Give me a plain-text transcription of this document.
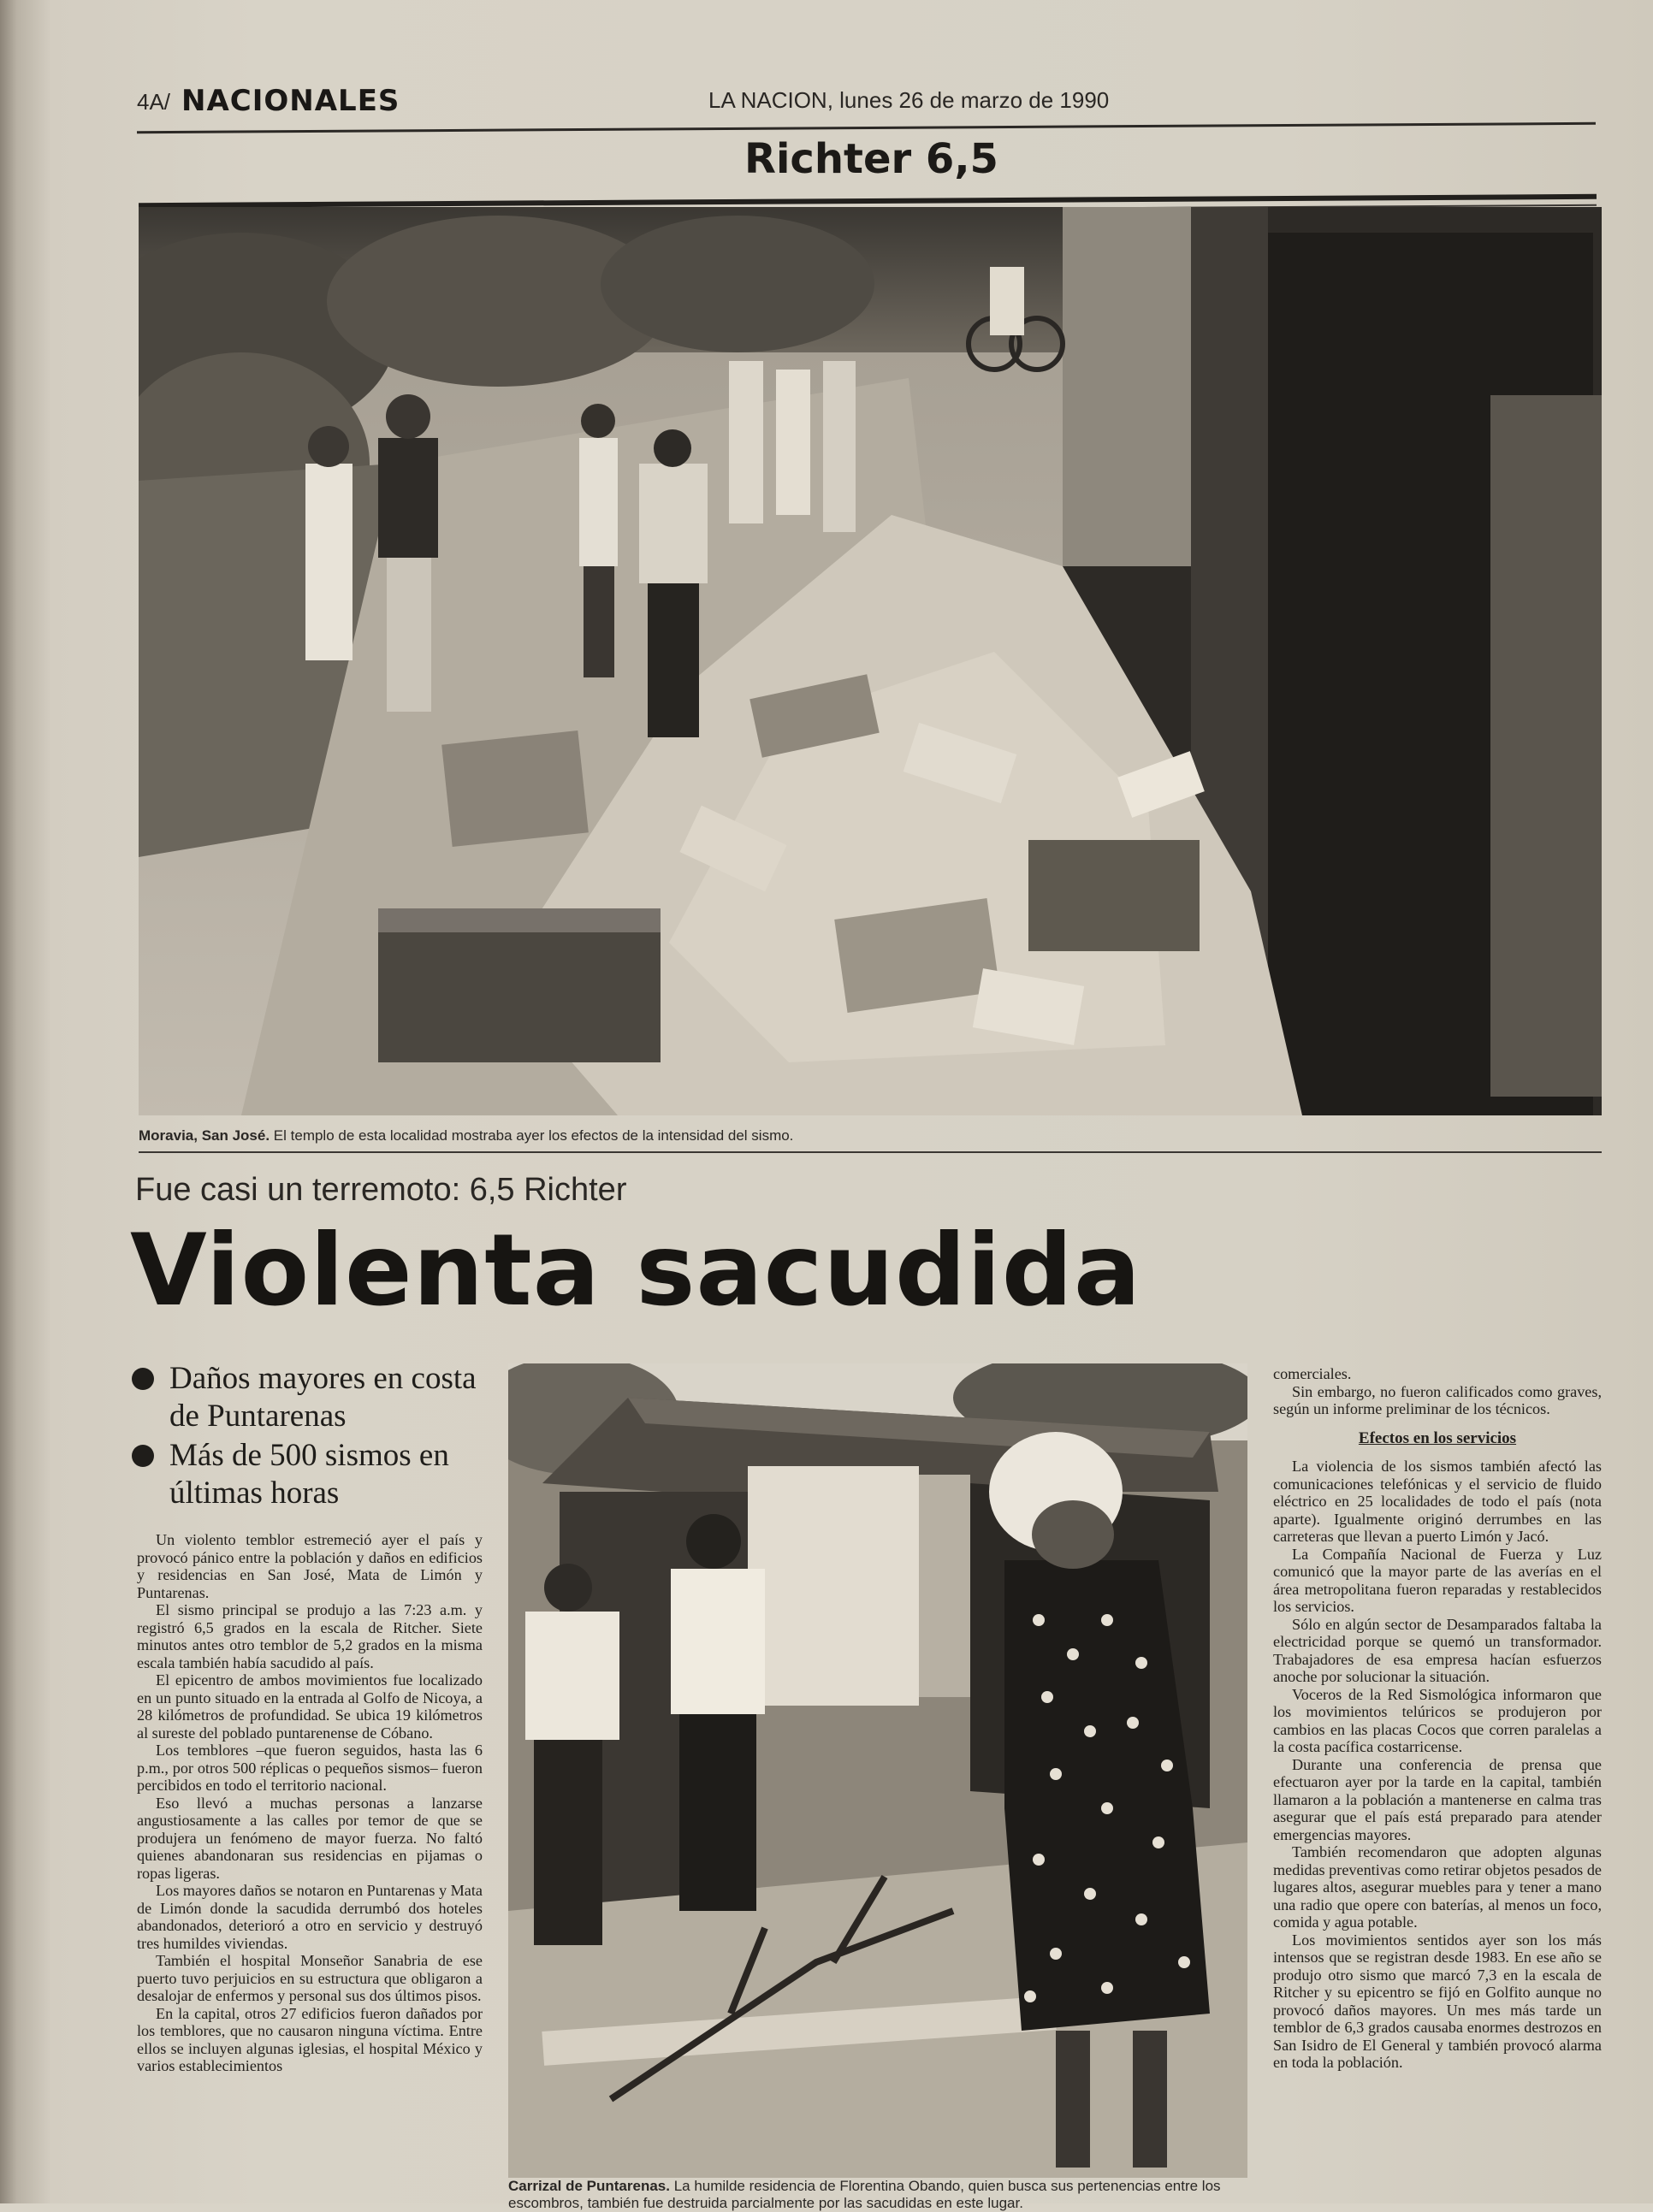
4A/ NACIONALES	LA NACION, lunes 26 de marzo de 1990
Richter 6,5
Moravia, San José. El templo de esta localidad mostraba ayer los efectos de la intensidad del sismo.
Fue casi un terremoto: 6,5 Richter
Violenta sacudida
Daños mayores en costa de Puntarenas
Más de 500 sismos en últimas horas

Un violento temblor estremeció ayer el país y provocó pánico entre la población y daños en edificios y residencias en San José, Mata de Limón y Puntarenas.

El sismo principal se produjo a las 7:23 a.m. y registró 6,5 grados en la escala de Ritcher. Siete minutos antes otro temblor de 5,2 grados en la misma escala también había sacudido al país.

El epicentro de ambos movimientos fue localizado en un punto situado en la entrada al Golfo de Nicoya, a 28 kilómetros de profundidad. Se ubica 19 kilómetros al sureste del poblado puntarenense de Cóbano.

Los temblores –que fueron seguidos, hasta las 6 p.m., por otros 500 réplicas o pequeños sismos– fueron percibidos en todo el territorio nacional.

Eso llevó a muchas personas a lanzarse angustiosamente a las calles por temor de que se produjera un fenómeno de mayor fuerza. No faltó quienes abandonaran sus residencias en pijamas o ropas ligeras.

Los mayores daños se notaron en Puntarenas y Mata de Limón donde la sacudida derrumbó dos hoteles abandonados, deterioró a otro en servicio y destruyó tres humildes viviendas.

También el hospital Monseñor Sanabria de ese puerto tuvo perjuicios en su estructura que obligaron a desalojar de enfermos y personal sus dos últimos pisos.

En la capital, otros 27 edificios fueron dañados por los temblores, que no causaron ninguna víctima. Entre ellos se incluyen algunas iglesias, el hospital México y varios establecimientos

Carrizal de Puntarenas. La humilde residencia de Florentina Obando, quien busca sus pertenencias entre los escombros, también fue destruida parcialmente por las sacudidas en este lugar.

comerciales.

Sin embargo, no fueron calificados como graves, según un informe preliminar de los técnicos.

Efectos en los servicios

La violencia de los sismos también afectó las comunicaciones telefónicas y el servicio de fluido eléctrico en 25 localidades de todo el país (nota aparte). Igualmente originó derrumbes en las carreteras que llevan a puerto Limón y Jacó.

La Compañía Nacional de Fuerza y Luz comunicó que la mayor parte de las averías en el área metropolitana fueron reparadas y restablecidos los servicios.

Sólo en algún sector de Desamparados faltaba la electricidad porque se quemó un transformador. Trabajadores de esa empresa hacían esfuerzos anoche por solucionar la situación.

Voceros de la Red Sismológica informaron que los movimientos telúricos se produjeron por cambios en las placas Cocos que corren paralelas a la costa pacífica costarricense.

Durante una conferencia de prensa que efectuaron ayer por la tarde en la capital, también llamaron a la población a mantenerse en calma tras asegurar que el país está preparado para atender emergencias mayores.

También recomendaron que adopten algunas medidas preventivas como retirar objetos pesados de lugares altos, asegurar muebles para y tener a mano una radio que opere con baterías, al menos un foco, comida y agua potable.

Los movimientos sentidos ayer son los más intensos que se registran desde 1983. En ese año se produjo otro sismo que marcó 7,3 en la escala de Ritcher y su epicentro se fijó en Golfito aunque no provocó daños mayores. Un mes más tarde un temblor de 6,3 grados causaba enormes destrozos en San Isidro de El General y también provocó alarma en toda la población.
